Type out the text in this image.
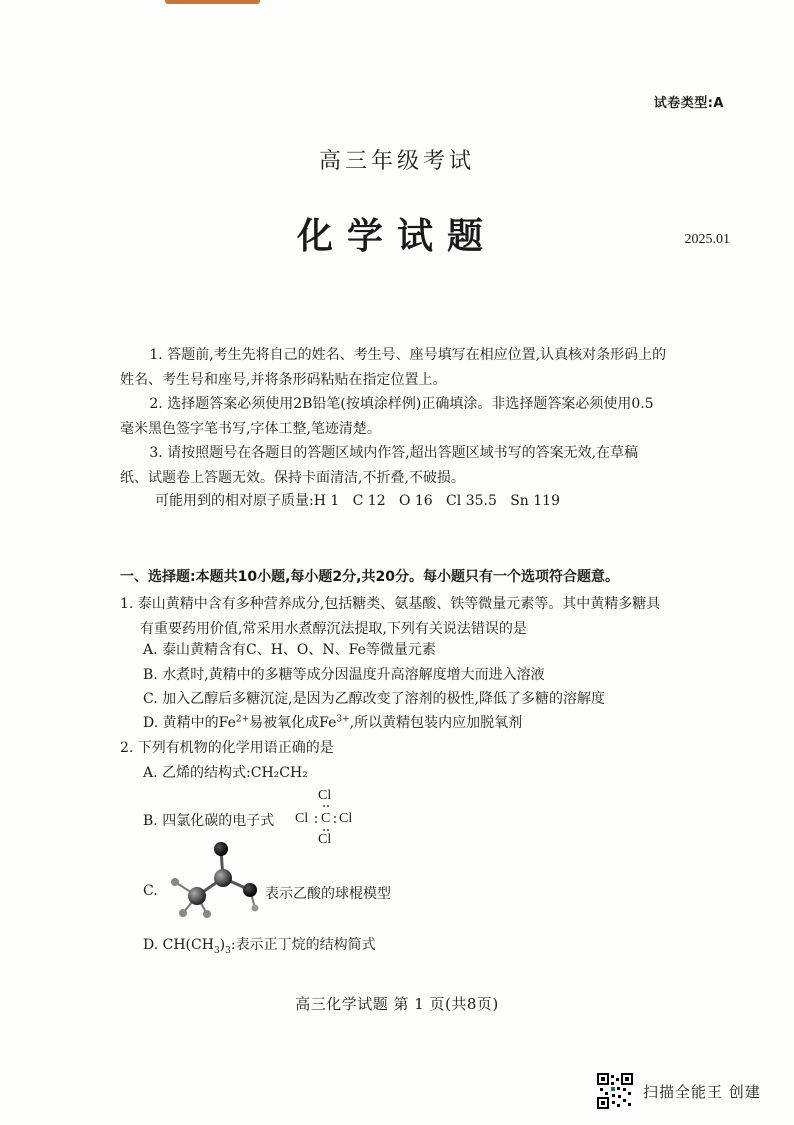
试卷类型:A
高三年级考试
化学试题	2025.01

1. 答题前,考生先将自己的姓名、考生号、座号填写在相应位置,认真核对条形码上的

姓名、考生号和座号,并将条形码粘贴在指定位置上。

2. 选择题答案必须使用2B铅笔(按填涂样例)正确填涂。非选择题答案必须使用0.5

毫米黑色签字笔书写,字体工整,笔迹清楚。

3. 请按照题号在各题目的答题区域内作答,超出答题区域书写的答案无效,在草稿

纸、试题卷上答题无效。保持卡面清洁,不折叠,不破损。

可能用到的相对原子质量:H 1   C 12   O 16   Cl 35.5   Sn 119
一、选择题:本题共10小题,每小题2分,共20分。每小题只有一个选项符合题意。
1. 泰山黄精中含有多种营养成分,包括糖类、氨基酸、铁等微量元素等。其中黄精多糖具
有重要药用价值,常采用水煮醇沉法提取,下列有关说法错误的是
A. 泰山黄精含有C、H、O、N、Fe等微量元素
B. 水煮时,黄精中的多糖等成分因温度升高溶解度增大而进入溶液
C. 加入乙醇后多糖沉淀,是因为乙醇改变了溶剂的极性,降低了多糖的溶解度
D. 黄精中的$Fe^{2+}$易被氧化成$Fe^{3+}$,所以黄精包装内应加脱氧剂
2. 下列有机物的化学用语正确的是
A. 乙烯的结构式:CH₂CH₂
B. 四氯化碳的电子式
Cl
Cl C Cl
Cl
C.	表示乙酸的球棍模型
D. $CH(CH_3)_3$:表示正丁烷的结构简式
高三化学试题 第 1 页(共8页)
扫描全能王 创建
